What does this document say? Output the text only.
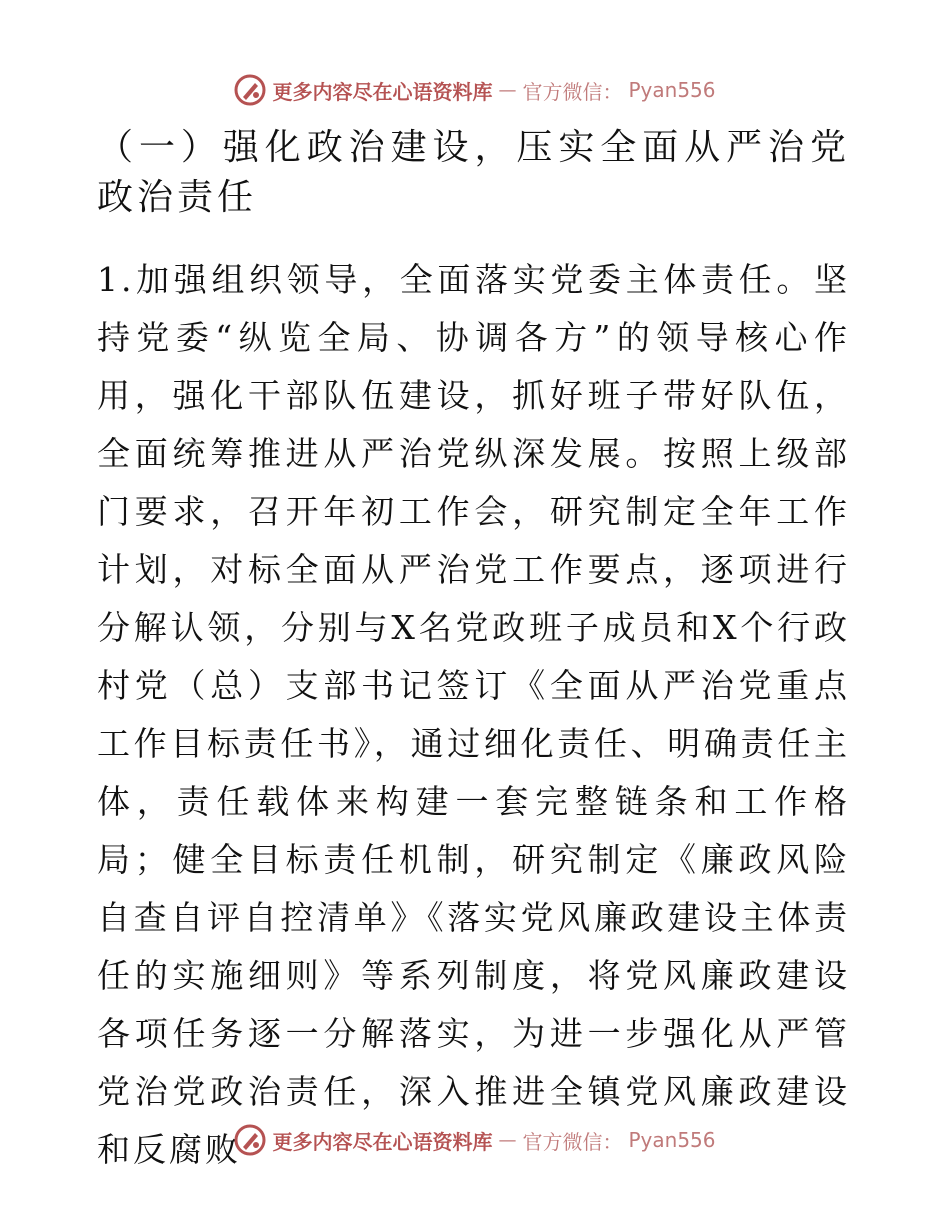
更多内容尽在心语资料库 — 官方微信： Pyan556
（一）强化政治建设，压实全面从严治党政治责任

1.加强组织领导，全面落实党委主体责任。坚持党委“纵览全局、协调各方”的领导核心作用，强化干部队伍建设，抓好班子带好队伍，全面统筹推进从严治党纵深发展。按照上级部门要求，召开年初工作会，研究制定全年工作计划，对标全面从严治党工作要点，逐项进行分解认领，分别与X名党政班子成员和X个行政村党（总）支部书记签订《全面从严治党重点工作目标责任书》，通过细化责任、明确责任主体，责任载体来构建一套完整链条和工作格局；健全目标责任机制，研究制定《廉政风险自查自评自控清单》《落实党风廉政建设主体责任的实施细则》等系列制度，将党风廉政建设各项任务逐一分解落实，为进一步强化从严管党治党政治责任，深入推进全镇党风廉政建设和反腐败	更多内容尽在心语资料库 — 官方微信： Pyan556
